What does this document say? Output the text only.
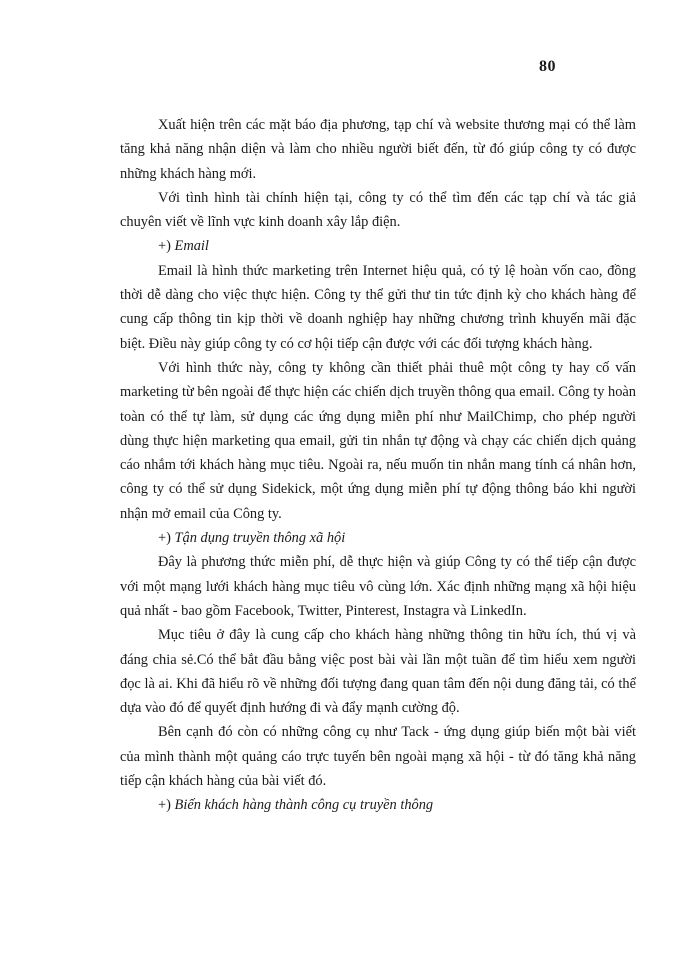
80

Xuất hiện trên các mặt báo địa phương, tạp chí và website thương mại có thể làm tăng khả năng nhận diện và làm cho nhiều người biết đến, từ đó giúp công ty có được những khách hàng mới.

Với tình hình tài chính hiện tại, công ty có thể tìm đến các tạp chí và tác giả chuyên viết về lĩnh vực kinh doanh xây lắp điện.

+) Email

Email là hình thức marketing trên Internet hiệu quả, có tỷ lệ hoàn vốn cao, đồng thời dễ dàng cho việc thực hiện. Công ty thể gửi thư tin tức định kỳ cho khách hàng để cung cấp thông tin kịp thời về doanh nghiệp hay những chương trình khuyến mãi đặc biệt. Điều này giúp công ty có cơ hội tiếp cận được với các đối tượng khách hàng.

Với hình thức này, công ty không cần thiết phải thuê một công ty hay cố vấn marketing từ bên ngoài để thực hiện các chiến dịch truyền thông qua email. Công ty hoàn toàn có thể tự làm, sử dụng các ứng dụng miễn phí như MailChimp, cho phép người dùng thực hiện marketing qua email, gửi tin nhắn tự động và chạy các chiến dịch quảng cáo nhắm tới khách hàng mục tiêu. Ngoài ra, nếu muốn tin nhắn mang tính cá nhân hơn, công ty có thể sử dụng Sidekick, một ứng dụng miễn phí tự động thông báo khi người nhận mở email của Công ty.

+) Tận dụng truyền thông xã hội

Đây là phương thức miễn phí, dễ thực hiện và giúp Công ty có thể tiếp cận được với một mạng lưới khách hàng mục tiêu vô cùng lớn. Xác định những mạng xã hội hiệu quả nhất - bao gồm Facebook, Twitter, Pinterest, Instagra và LinkedIn.

Mục tiêu ở đây là cung cấp cho khách hàng những thông tin hữu ích, thú vị và đáng chia sẻ.Có thể bắt đầu bằng việc post bài vài lần một tuần để tìm hiểu xem người đọc là ai. Khi đã hiểu rõ về những đối tượng đang quan tâm đến nội dung đăng tải, có thể dựa vào đó để quyết định hướng đi và đẩy mạnh cường độ.

Bên cạnh đó còn có những công cụ như Tack - ứng dụng giúp biến một bài viết của mình thành một quảng cáo trực tuyến bên ngoài mạng xã hội - từ đó tăng khả năng tiếp cận khách hàng của bài viết đó.

+) Biến khách hàng thành công cụ truyền thông
